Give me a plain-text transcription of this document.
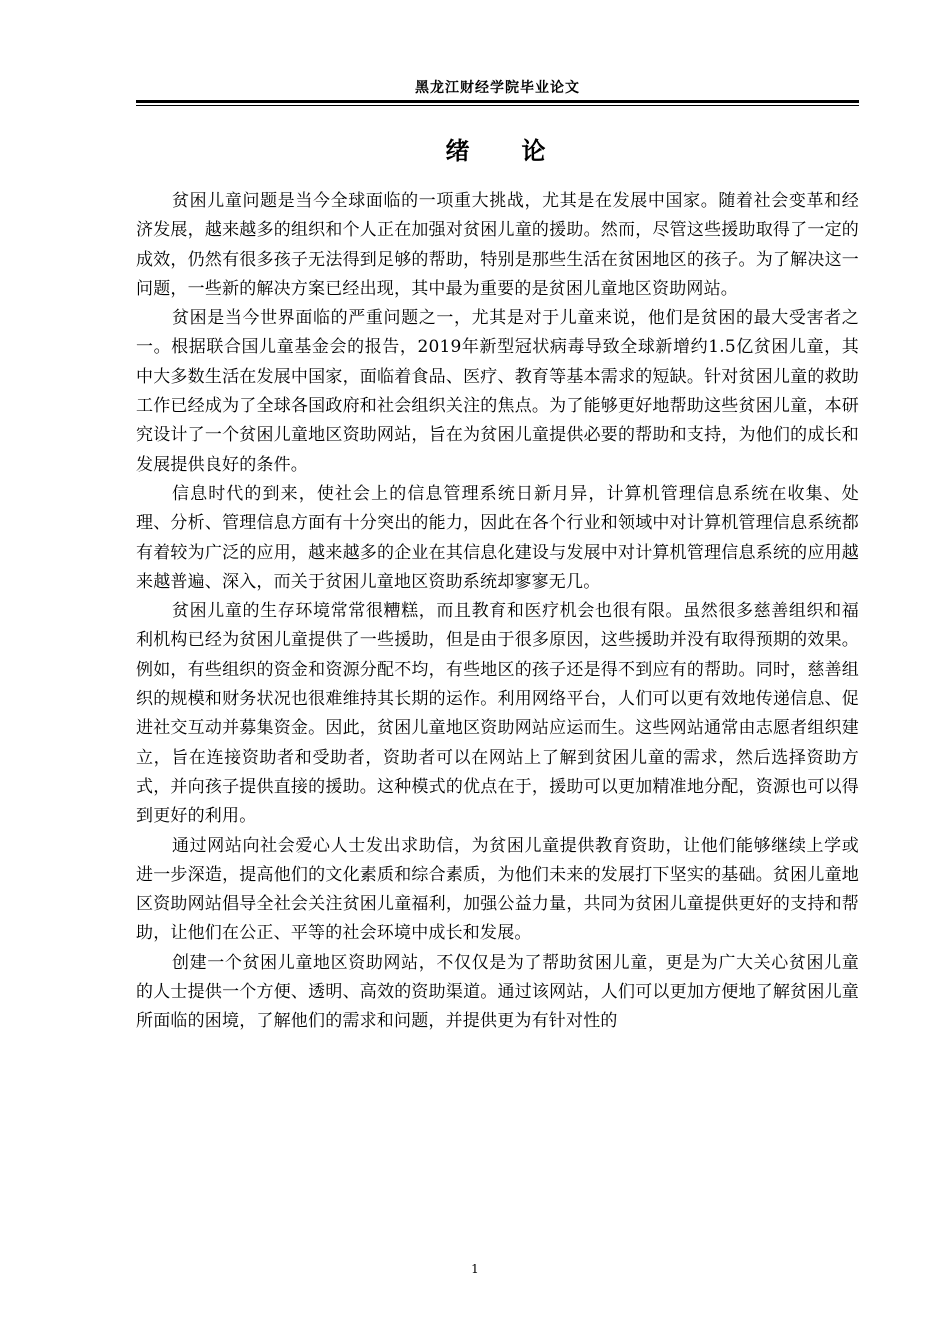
黑龙江财经学院毕业论文
绪 论

贫困儿童问题是当今全球面临的一项重大挑战，尤其是在发展中国家。随着社会变革和经济发展，越来越多的组织和个人正在加强对贫困儿童的援助。然而，尽管这些援助取得了一定的成效，仍然有很多孩子无法得到足够的帮助，特别是那些生活在贫困地区的孩子。为了解决这一问题，一些新的解决方案已经出现，其中最为重要的是贫困儿童地区资助网站。

贫困是当今世界面临的严重问题之一，尤其是对于儿童来说，他们是贫困的最大受害者之一。根据联合国儿童基金会的报告，2019年新型冠状病毒导致全球新增约1.5亿贫困儿童，其中大多数生活在发展中国家，面临着食品、医疗、教育等基本需求的短缺。针对贫困儿童的救助工作已经成为了全球各国政府和社会组织关注的焦点。为了能够更好地帮助这些贫困儿童，本研究设计了一个贫困儿童地区资助网站，旨在为贫困儿童提供必要的帮助和支持，为他们的成长和发展提供良好的条件。

信息时代的到来，使社会上的信息管理系统日新月异，计算机管理信息系统在收集、处理、分析、管理信息方面有十分突出的能力，因此在各个行业和领域中对计算机管理信息系统都有着较为广泛的应用，越来越多的企业在其信息化建设与发展中对计算机管理信息系统的应用越来越普遍、深入，而关于贫困儿童地区资助系统却寥寥无几。

贫困儿童的生存环境常常很糟糕，而且教育和医疗机会也很有限。虽然很多慈善组织和福利机构已经为贫困儿童提供了一些援助，但是由于很多原因，这些援助并没有取得预期的效果。例如，有些组织的资金和资源分配不均，有些地区的孩子还是得不到应有的帮助。同时，慈善组织的规模和财务状况也很难维持其长期的运作。利用网络平台，人们可以更有效地传递信息、促进社交互动并募集资金。因此，贫困儿童地区资助网站应运而生。这些网站通常由志愿者组织建立，旨在连接资助者和受助者，资助者可以在网站上了解到贫困儿童的需求，然后选择资助方式，并向孩子提供直接的援助。这种模式的优点在于，援助可以更加精准地分配，资源也可以得到更好的利用。

通过网站向社会爱心人士发出求助信，为贫困儿童提供教育资助，让他们能够继续上学或进一步深造，提高他们的文化素质和综合素质，为他们未来的发展打下坚实的基础。贫困儿童地区资助网站倡导全社会关注贫困儿童福利，加强公益力量，共同为贫困儿童提供更好的支持和帮助，让他们在公正、平等的社会环境中成长和发展。

创建一个贫困儿童地区资助网站，不仅仅是为了帮助贫困儿童，更是为广大关心贫困儿童的人士提供一个方便、透明、高效的资助渠道。通过该网站，人们可以更加方便地了解贫困儿童所面临的困境，了解他们的需求和问题，并提供更为有针对性的

1
